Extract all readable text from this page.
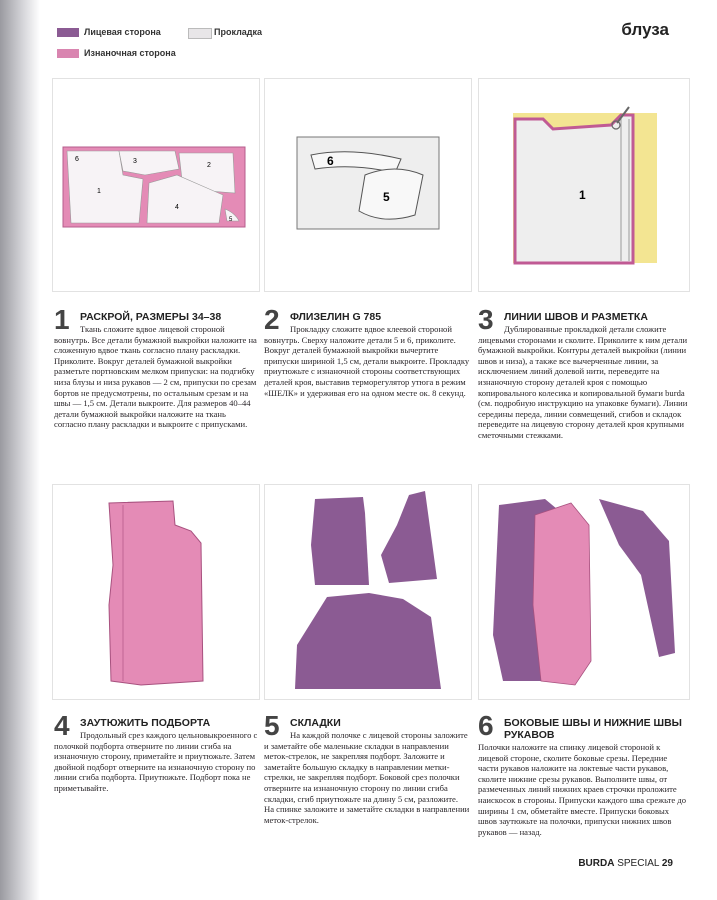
Лицевая сторона	Прокладка
Изнаночная сторона
блуза
6	3
2
1
4
5
6
5	1
1 РАСКРОЙ, РАЗМЕРЫ 34–38
Ткань сложите вдвое лицевой стороной вовнутрь. Все детали бумажной выкройки наложите на сложенную вдвое ткань согласно плану раскладки. Приколите. Вокруг деталей бумажной выкройки разметьте портновским мелком припуски: на подгибку низа блузы и низа рукавов — 2 см, припуски по срезам бортов не предусмотрены, по остальным срезам и на швы — 1,5 см. Детали выкроите. Для размеров 40–44 детали бумажной выкройки наложите на ткань согласно плану раскладки и выкроите с припусками.
2 ФЛИЗЕЛИН G 785
Прокладку сложите вдвое клеевой стороной вовнутрь. Сверху наложите детали 5 и 6, приколите. Вокруг деталей бумажной выкройки вычертите припуски шириной 1,5 см, детали выкроите. Прокладку приутюжьте с изнаночной стороны соответствующих деталей кроя, выставив терморегулятор утюга в режим «ШЕЛК» и удерживая его на одном месте ок. 8 секунд.
3 ЛИНИИ ШВОВ И РАЗМЕТКА
Дублированные прокладкой детали сложите лицевыми сторонами и сколите. Приколите к ним детали бумажной выкройки. Контуры деталей выкройки (линии швов и низа), а также все вычерченные линии, за исключением линий долевой нити, переведите на изнаночную сторону деталей кроя с помощью копировального колесика и копировальной бумаги burda (см. подробную инструкцию на упаковке бумаги). Линии середины переда, линии совмещений, сгибов и складок переведите на лицевую сторону деталей кроя крупными сметочными стежками.
4 ЗАУТЮЖИТЬ ПОДБОРТА
Продольный срез каждого цельновыкроенного с полочкой подборта отверните по линии сгиба на изнаночную сторону, приметайте и приутюжьте. Затем двойной подборт отверните на изнаночную сторону по линии сгиба подборта. Приутюжьте. Подборт пока не приметывайте.
5 СКЛАДКИ
На каждой полочке с лицевой стороны заложите и заметайте обе маленькие складки в направлении меток-стрелок, не закрепляя подборт. Заложите и заметайте большую складку в направлении метки-стрелки, не закрепляя подборт. Боковой срез полочки отверните на изнаночную сторону по линии сгиба складки, сгиб приутюжьте на длину 5 см, разложите. На спинке заложите и заметайте складки в направлении меток-стрелок.
6 БОКОВЫЕ ШВЫ И НИЖНИЕ ШВЫ РУКАВОВ
Полочки наложите на спинку лицевой стороной к лицевой стороне, сколите боковые срезы. Передние части рукавов наложите на локтевые части рукавов, сколите нижние срезы рукавов. Выполните швы, от размеченных линий нижних краев строчки проложите наискосок в стороны. Припуски каждого шва срежьте до ширины 1 см, обметайте вместе. Припуски боковых швов заутюжьте на полочки, припуски нижних швов рукавов — назад.
BURDA SPECIAL 29
